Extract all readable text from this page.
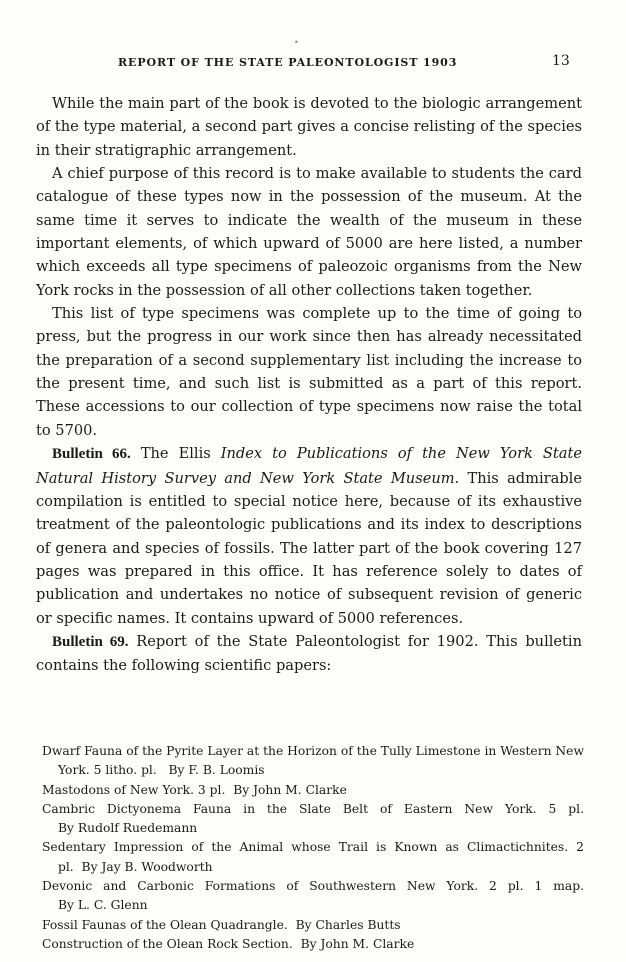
•
REPORT OF THE STATE PALEONTOLOGIST 1903	13

While the main part of the book is devoted to the biologic arrangement of the type material, a second part gives a concise relisting of the species in their stratigraphic arrangement.

A chief purpose of this record is to make available to students the card catalogue of these types now in the possession of the museum. At the same time it serves to indicate the wealth of the museum in these important elements, of which upward of 5000 are here listed, a number which exceeds all type specimens of paleozoic organisms from the New York rocks in the possession of all other collections taken together.

This list of type specimens was complete up to the time of going to press, but the progress in our work since then has already necessitated the preparation of a second supplementary list including the increase to the present time, and such list is submitted as a part of this report. These accessions to our collection of type specimens now raise the total to 5700.

Bulletin 66. The Ellis Index to Publications of the New York State Natural History Survey and New York State Museum. This admirable compilation is entitled to special notice here, because of its exhaustive treatment of the paleontologic publications and its index to descriptions of genera and species of fossils. The latter part of the book covering 127 pages was prepared in this office. It has reference solely to dates of publication and undertakes no notice of subsequent revision of generic or specific names. It contains upward of 5000 references.

Bulletin 69. Report of the State Paleontologist for 1902. This bulletin contains the following scientific papers:

Dwarf Fauna of the Pyrite Layer at the Horizon of the Tully Limestone in Western New York. 5 litho. pl. By F. B. Loomis

Mastodons of New York. 3 pl. By John M. Clarke

Cambric Dictyonema Fauna in the Slate Belt of Eastern New York. 5 pl. By Rudolf Ruedemann

Sedentary Impression of the Animal whose Trail is Known as Climactichnites. 2 pl. By Jay B. Woodworth

Devonic and Carbonic Formations of Southwestern New York. 2 pl. 1 map. By L. C. Glenn

Fossil Faunas of the Olean Quadrangle. By Charles Butts

Construction of the Olean Rock Section. By John M. Clarke
